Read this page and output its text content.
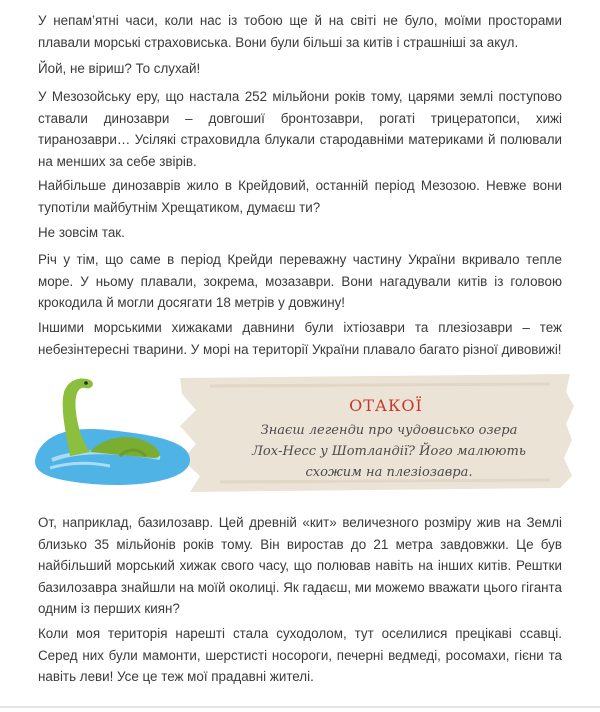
У непам’ятні часи, коли нас із тобою ще й на світі не було, моїми просторами плавали морські страховиська. Вони були більші за китів і страшніші за акул.

Йой, не віриш? То слухай!

У Мезозойську еру, що настала 252 мільйони років тому, царями землі поступово ставали динозаври – довгошиї бронтозаври, рогаті трицератопси, хижі тиранозаври… Усілякі страховидла блукали стародавніми материками й полювали на менших за себе звірів.

Найбільше динозаврів жило в Крейдовий, останній період Мезозою. Невже вони тупотіли майбутнім Хрещатиком, думаєш ти?

Не зовсім так.

Річ у тім, що саме в період Крейди переважну частину України вкривало тепле море. У ньому плавали, зокрема, мозазаври. Вони нагадували китів із головою крокодила й могли досягати 18 метрів у довжину!

Іншими морськими хижаками давнини були іхтіозаври та плезіозаври – теж небезінтересні тварини. У морі на території України плавало багато різної дивовижі!

ОТАКОЇ

Знаєш легенди про чудовисько озера Лох-Несс у Шотландії? Його малюють схожим на плезіозавра.

От, наприклад, базилозавр. Цей древній «кит» величезного розміру жив на Землі близько 35 мільйонів років тому. Він виростав до 21 метра завдовжки. Це був найбільший морський хижак свого часу, що полював навіть на інших китів. Рештки базилозавра знайшли на моїй околиці. Як гадаєш, ми можемо вважати цього гіганта одним із перших киян?

Коли моя територія нарешті стала суходолом, тут оселилися прецікаві ссавці. Серед них були мамонти, шерстисті носороги, печерні ведмеді, росомахи, гієни та навіть леви! Усе це теж мої прадавні жителі.
